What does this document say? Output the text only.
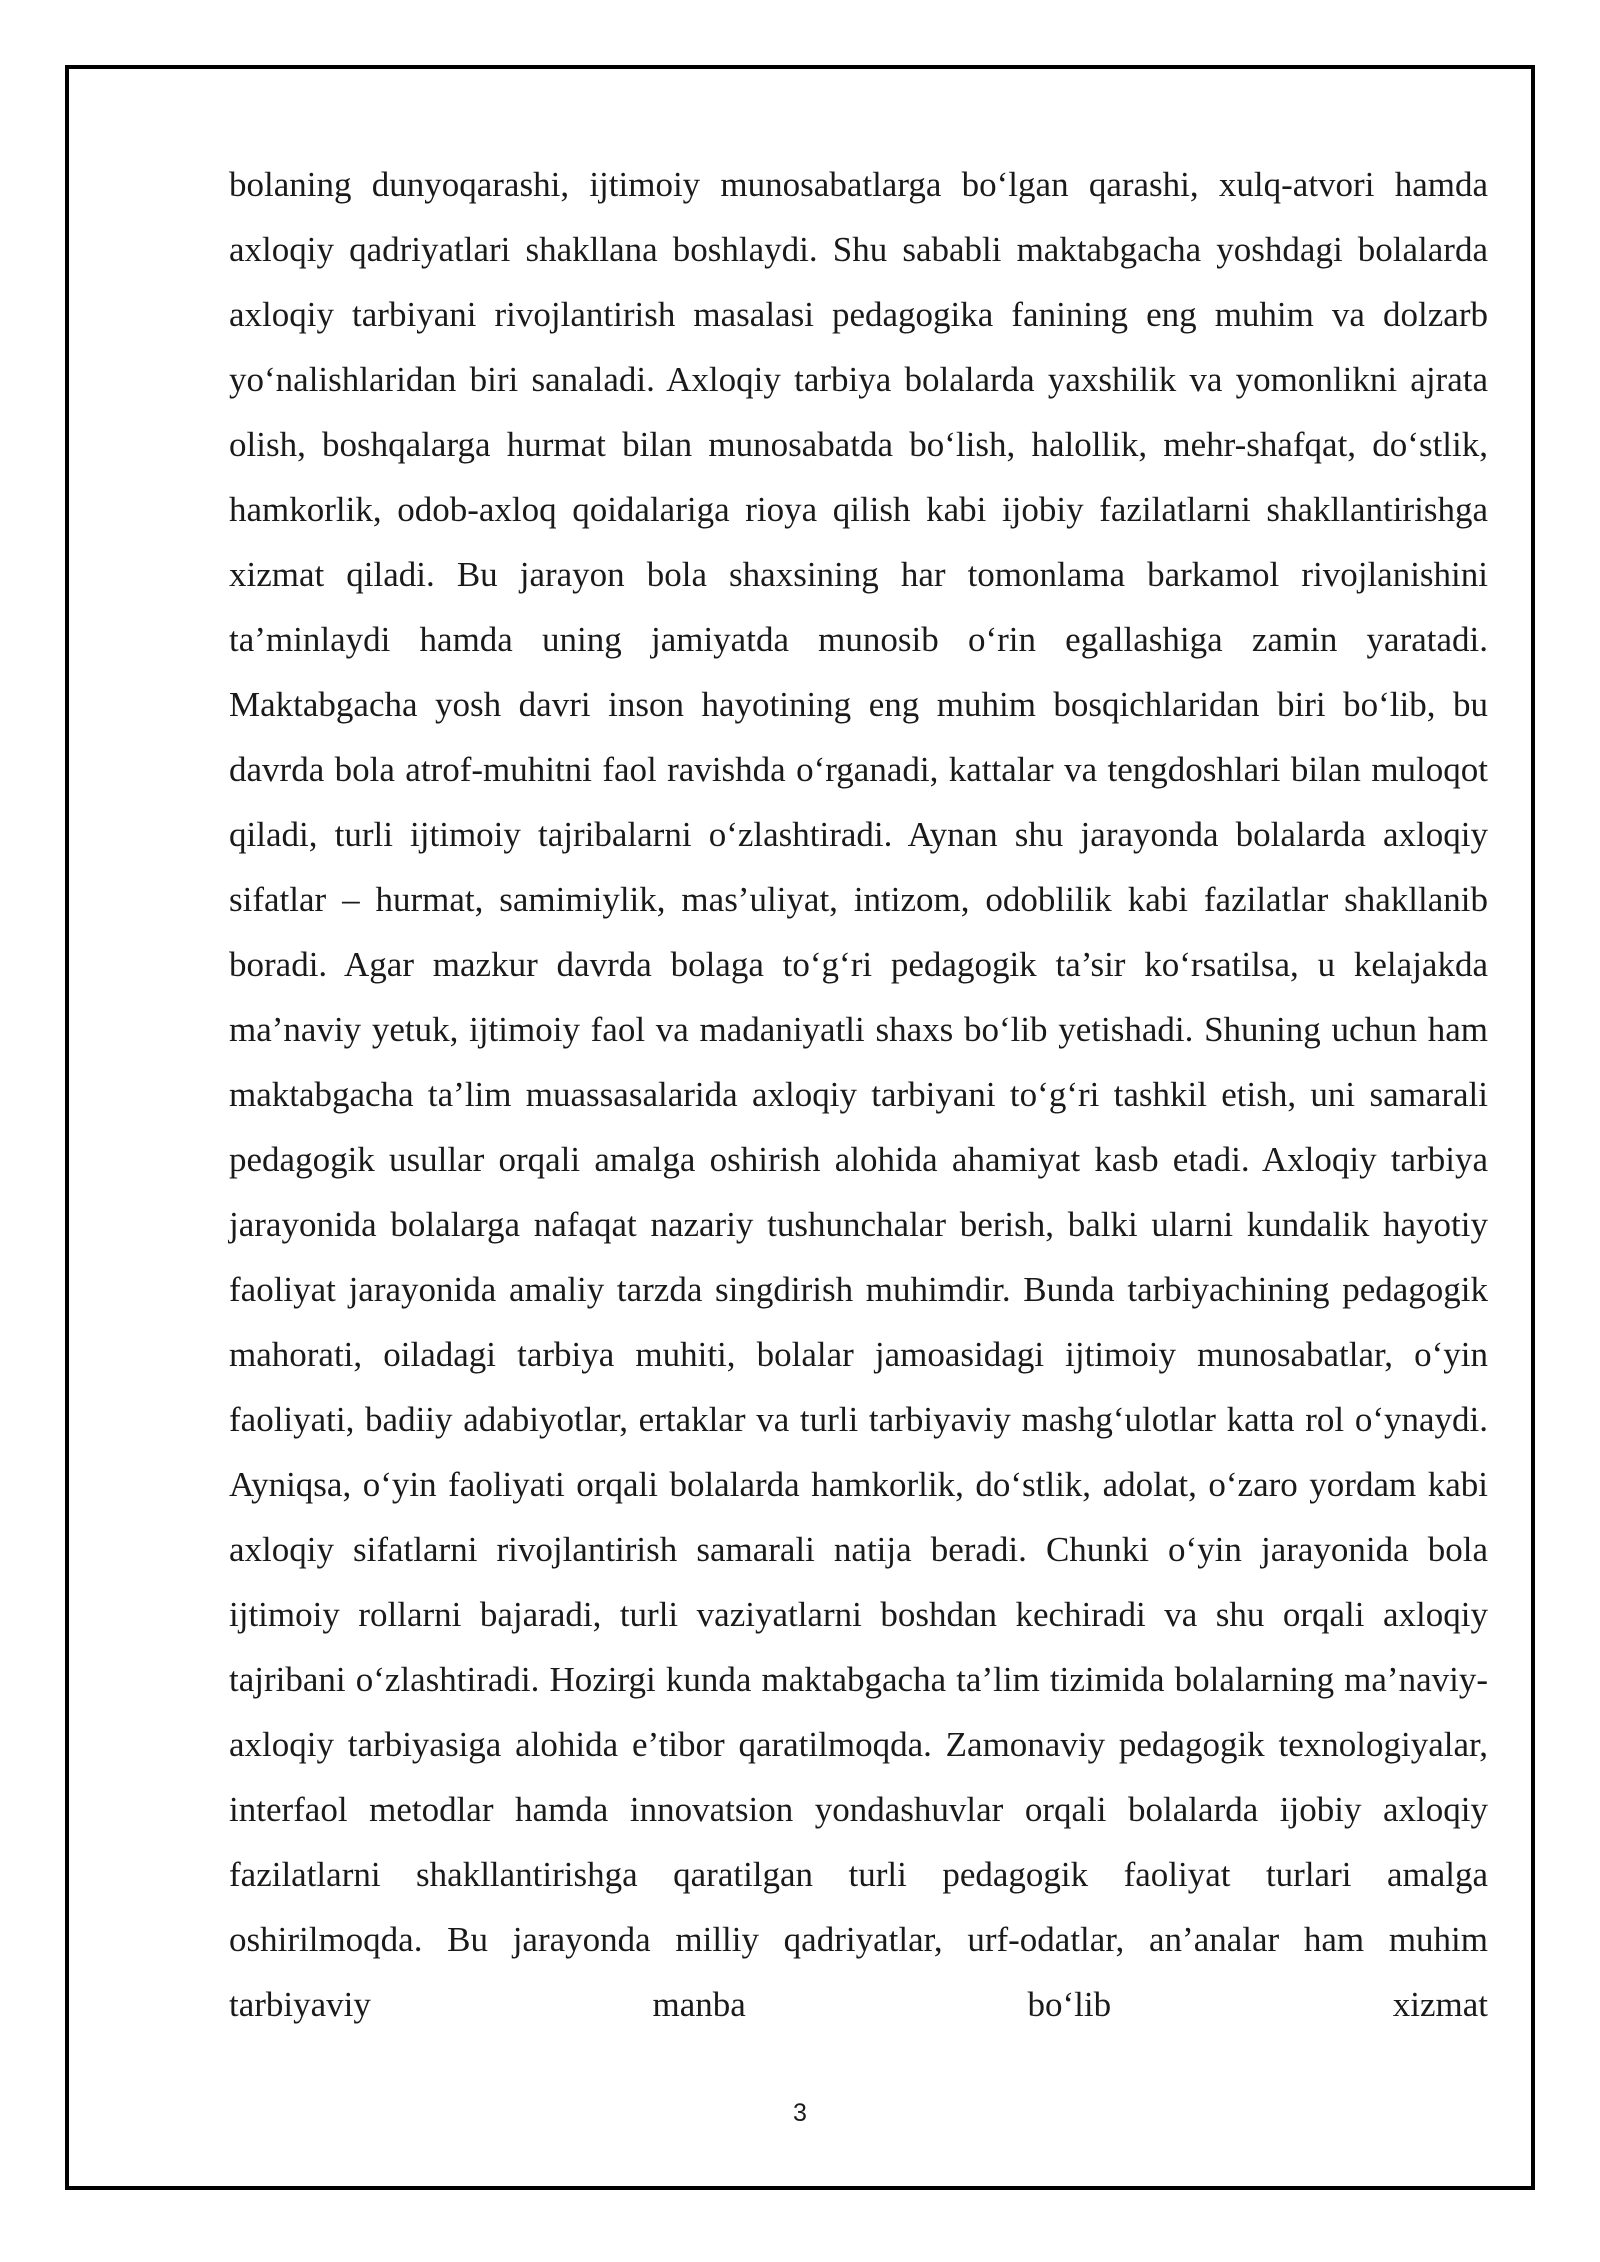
bolaning dunyoqarashi, ijtimoiy munosabatlarga bo‘lgan qarashi, xulq-atvori hamda axloqiy qadriyatlari shakllana boshlaydi. Shu sababli maktabgacha yoshdagi bolalarda axloqiy tarbiyani rivojlantirish masalasi pedagogika fanining eng muhim va dolzarb yo‘nalishlaridan biri sanaladi. Axloqiy tarbiya bolalarda yaxshilik va yomonlikni ajrata olish, boshqalarga hurmat bilan munosabatda bo‘lish, halollik, mehr-shafqat, do‘stlik, hamkorlik, odob-axloq qoidalariga rioya qilish kabi ijobiy fazilatlarni shakllantirishga xizmat qiladi. Bu jarayon bola shaxsining har tomonlama barkamol rivojlanishini ta’minlaydi hamda uning jamiyatda munosib o‘rin egallashiga zamin yaratadi. Maktabgacha yosh davri inson hayotining eng muhim bosqichlaridan biri bo‘lib, bu davrda bola atrof-muhitni faol ravishda o‘rganadi, kattalar va tengdoshlari bilan muloqot qiladi, turli ijtimoiy tajribalarni o‘zlashtiradi. Aynan shu jarayonda bolalarda axloqiy sifatlar – hurmat, samimiylik, mas’uliyat, intizom, odoblilik kabi fazilatlar shakllanib boradi. Agar mazkur davrda bolaga to‘g‘ri pedagogik ta’sir ko‘rsatilsa, u kelajakda ma’naviy yetuk, ijtimoiy faol va madaniyatli shaxs bo‘lib yetishadi. Shuning uchun ham maktabgacha ta’lim muassasalarida axloqiy tarbiyani to‘g‘ri tashkil etish, uni samarali pedagogik usullar orqali amalga oshirish alohida ahamiyat kasb etadi. Axloqiy tarbiya jarayonida bolalarga nafaqat nazariy tushunchalar berish, balki ularni kundalik hayotiy faoliyat jarayonida amaliy tarzda singdirish muhimdir. Bunda tarbiyachining pedagogik mahorati, oiladagi tarbiya muhiti, bolalar jamoasidagi ijtimoiy munosabatlar, o‘yin faoliyati, badiiy adabiyotlar, ertaklar va turli tarbiyaviy mashg‘ulotlar katta rol o‘ynaydi. Ayniqsa, o‘yin faoliyati orqali bolalarda hamkorlik, do‘stlik, adolat, o‘zaro yordam kabi axloqiy sifatlarni rivojlantirish samarali natija beradi. Chunki o‘yin jarayonida bola ijtimoiy rollarni bajaradi, turli vaziyatlarni boshdan kechiradi va shu orqali axloqiy tajribani o‘zlashtiradi. Hozirgi kunda maktabgacha ta’lim tizimida bolalarning ma’naviy-axloqiy tarbiyasiga alohida e’tibor qaratilmoqda. Zamonaviy pedagogik texnologiyalar, interfaol metodlar hamda innovatsion yondashuvlar orqali bolalarda ijobiy axloqiy fazilatlarni shakllantirishga qaratilgan turli pedagogik faoliyat turlari amalga oshirilmoqda. Bu jarayonda milliy qadriyatlar, urf-odatlar, an’analar ham muhim tarbiyaviy manba bo‘lib xizmat

3
